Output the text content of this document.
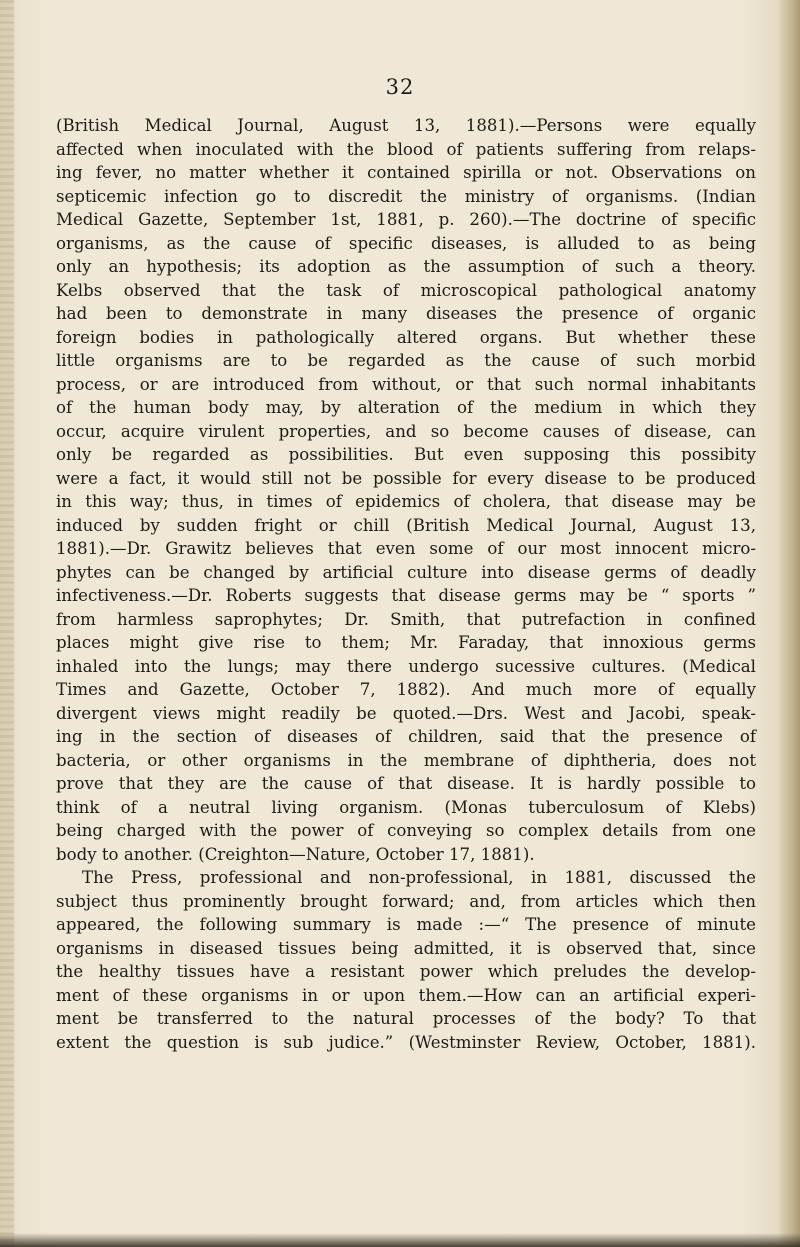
32
(British Medical Journal, August 13, 1881).—Persons were equally
affected when inoculated with the blood of patients suffering from relaps-
ing fever, no matter whether it contained spirilla or not. Observations on
septicemic infection go to discredit the ministry of organisms. (Indian
Medical Gazette, September 1st, 1881, p. 260).—The doctrine of specific
organisms, as the cause of specific diseases, is alluded to as being
only an hypothesis; its adoption as the assumption of such a theory.
Kelbs observed that the task of microscopical pathological anatomy
had been to demonstrate in many diseases the presence of organic
foreign bodies in pathologically altered organs. But whether these
little organisms are to be regarded as the cause of such morbid
process, or are introduced from without, or that such normal inhabitants
of the human body may, by alteration of the medium in which they
occur, acquire virulent properties, and so become causes of disease, can
only be regarded as possibilities. But even supposing this possibity
were a fact, it would still not be possible for every disease to be produced
in this way; thus, in times of epidemics of cholera, that disease may be
induced by sudden fright or chill (British Medical Journal, August 13,
1881).—Dr. Grawitz believes that even some of our most innocent micro-
phytes can be changed by artificial culture into disease germs of deadly
infectiveness.—Dr. Roberts suggests that disease germs may be “ sports ”
from harmless saprophytes; Dr. Smith, that putrefaction in confined
places might give rise to them; Mr. Faraday, that innoxious germs
inhaled into the lungs; may there undergo sucessive cultures. (Medical
Times and Gazette, October 7, 1882). And much more of equally
divergent views might readily be quoted.—Drs. West and Jacobi, speak-
ing in the section of diseases of children, said that the presence of
bacteria, or other organisms in the membrane of diphtheria, does not
prove that they are the cause of that disease. It is hardly possible to
think of a neutral living organism. (Monas tuberculosum of Klebs)
being charged with the power of conveying so complex details from one
body to another. (Creighton—Nature, October 17, 1881).
The Press, professional and non-professional, in 1881, discussed the
subject thus prominently brought forward; and, from articles which then
appeared, the following summary is made :—“ The presence of minute
organisms in diseased tissues being admitted, it is observed that, since
the healthy tissues have a resistant power which preludes the develop-
ment of these organisms in or upon them.—How can an artificial experi-
ment be transferred to the natural processes of the body? To that
extent the question is sub judice.” (Westminster Review, October, 1881).
